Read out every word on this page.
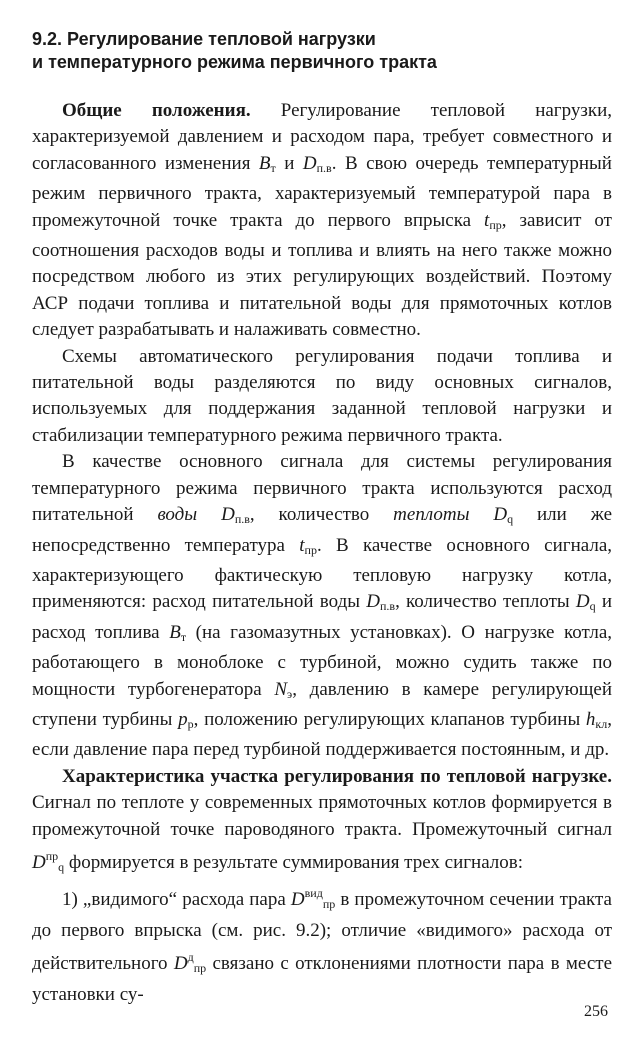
9.2. Регулирование тепловой нагрузки
и температурного режима первичного тракта

Общие положения. Регулирование тепловой нагрузки, характеризуемой давлением и расходом пара, требует совместного и согласованного изменения $B_т$ и $D_{п.в}$. В свою очередь температурный режим первичного тракта, характеризуемый температурой пара в промежуточной точке тракта до первого впрыска $t_{пр}$, зависит от соотношения расходов воды и топлива и влиять на него также можно посредством любого из этих регулирующих воздействий. Поэтому АСР подачи топлива и питательной воды для прямоточных котлов следует разрабатывать и налаживать совместно.

Схемы автоматического регулирования подачи топлива и питательной воды разделяются по виду основных сигналов, используемых для поддержания заданной тепловой нагрузки и стабилизации температурного режима первичного тракта.

В качестве основного сигнала для системы регулирования температурного режима первичного тракта используются расход питательной воды $D_{п.в}$, количество теплоты $D_q$ или же непосредственно температура $t_{пр}$. В качестве основного сигнала, характеризующего фактическую тепловую нагрузку котла, применяются: расход питательной воды $D_{п.в}$, количество теплоты $D_q$ и расход топлива $B_т$ (на газомазутных установках). О нагрузке котла, работающего в моноблоке с турбиной, можно судить также по мощности турбогенератора $N_э$, давлению в камере регулирующей ступени турбины $p_р$, положению регулирующих клапанов турбины $h_{кл}$, если давление пара перед турбиной поддерживается постоянным, и др.

Характеристика участка регулирования по тепловой нагрузке. Сигнал по теплоте у современных прямоточных котлов формируется в промежуточной точке пароводяного тракта. Промежуточный сигнал $D^{пр}_q$ формируется в результате суммирования трех сигналов:

1) „видимого“ расхода пара $D^{вид}_{пр}$ в промежуточном сечении тракта до первого впрыска (см. рис. 9.2); отличие «видимого» расхода от действительного $D^д_{пр}$ связано с отклонениями плотности пара в месте установки су-

256
